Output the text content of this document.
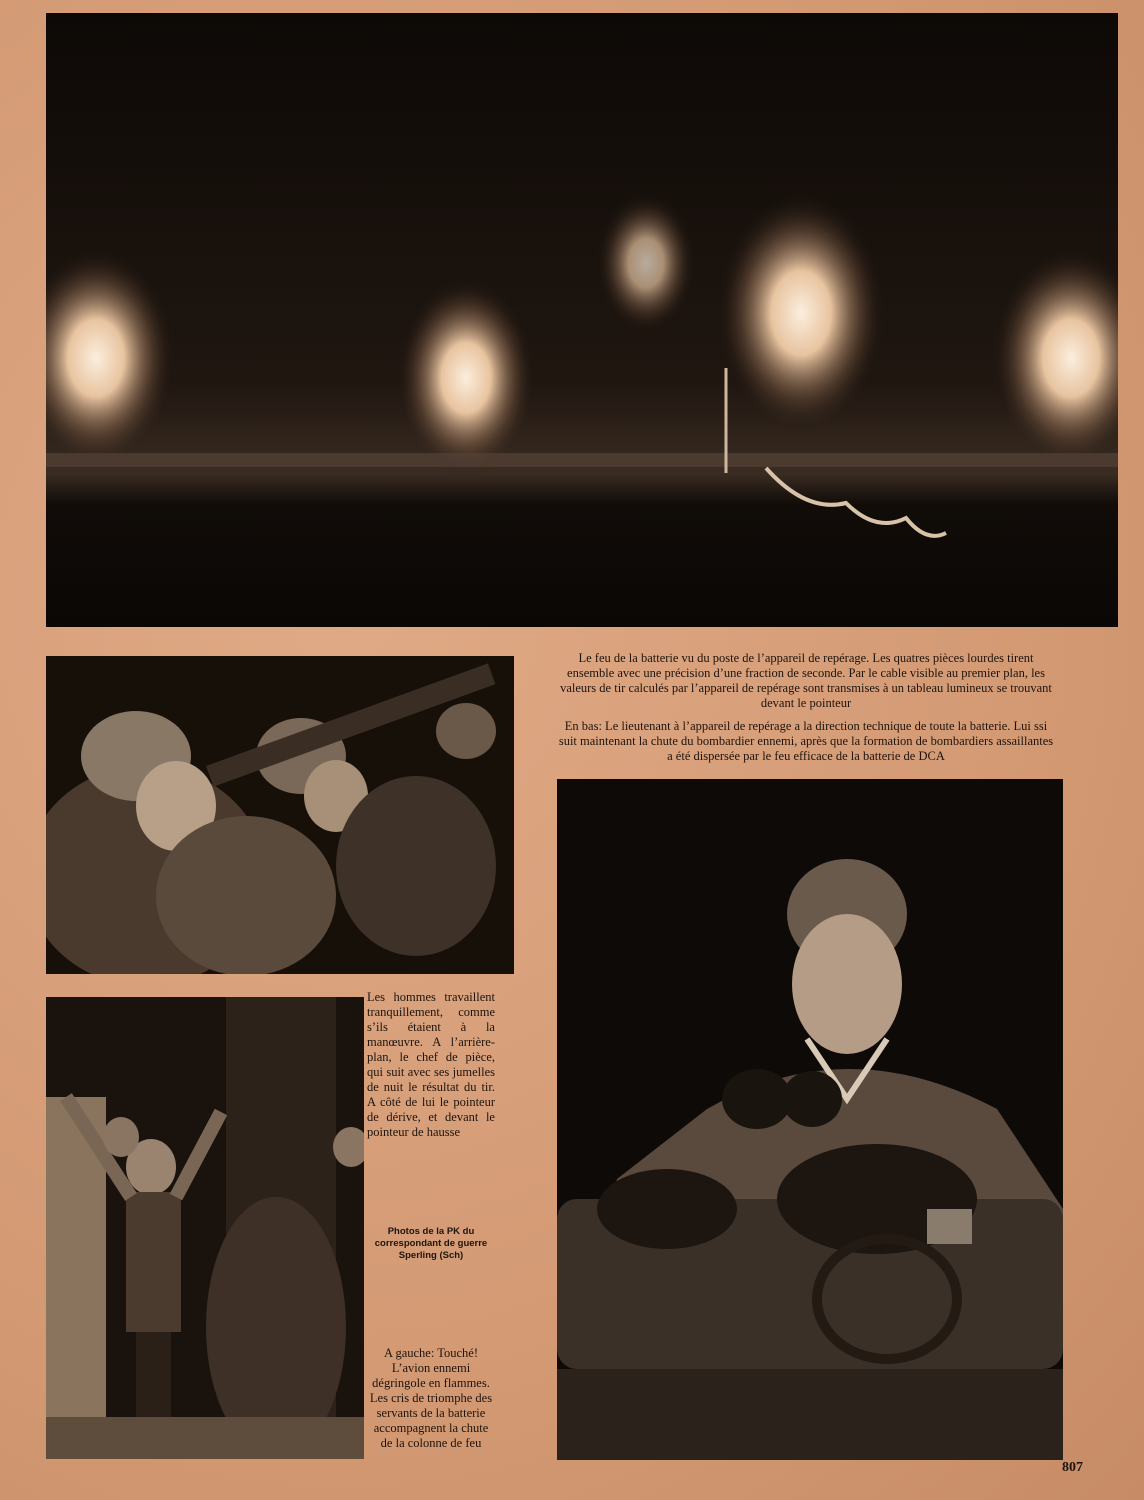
Le feu de la batterie vu du poste de l’appareil de repérage. Les quatres pièces lourdes tirent ensemble avec une précision d’une fraction de seconde. Par le cable visible au premier plan, les valeurs de tir calculés par l’appareil de repérage sont transmises à un tableau lumineux se trouvant devant le pointeur

En bas: Le lieutenant à l’appareil de repérage a la direction technique de toute la batterie. Lui ssi suit maintenant la chute du bombardier ennemi, après que la formation de bombardiers assaillantes a été dispersée par le feu efficace de la batterie de DCA

Les hommes travaillent tranquillement, comme s’ils étaient à la manœuvre. A l’arrière-plan, le chef de pièce, qui suit avec ses jumelles de nuit le résultat du tir. A côté de lui le pointeur de dérive, et devant le pointeur de hausse
Photos de la PK du correspondant de guerre Sperling (Sch)
A gauche: Touché! L’avion ennemi dégringole en flammes. Les cris de triomphe des servants de la batterie accompagnent la chute de la colonne de feu
807
